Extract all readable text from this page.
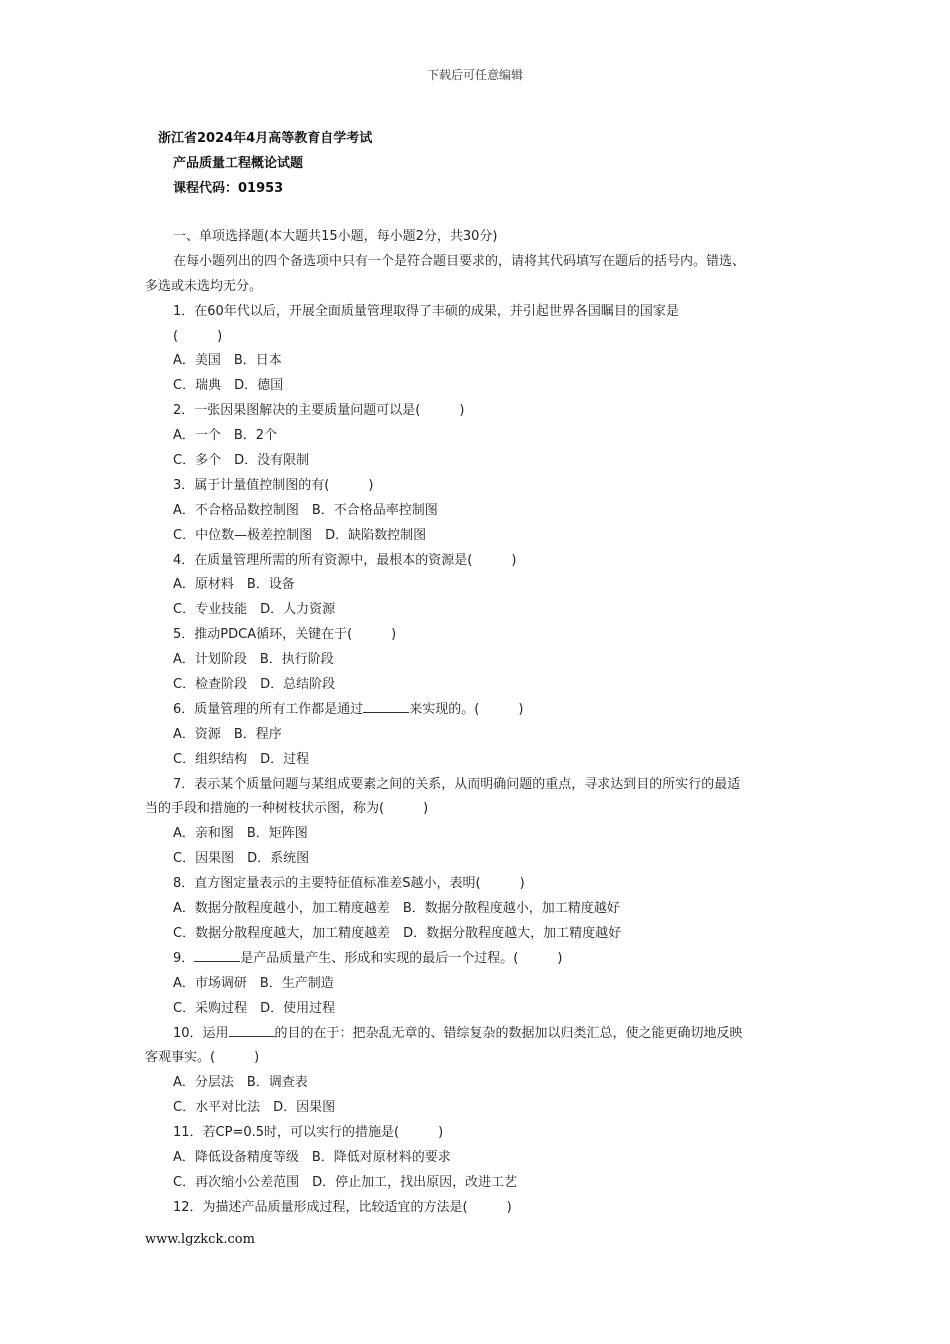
下载后可任意编辑
浙江省2024年4月高等教育自学考试
产品质量工程概论试题
课程代码：01953
一、单项选择题(本大题共15小题，每小题2分，共30分)
在每小题列出的四个备选项中只有一个是符合题目要求的，请将其代码填写在题后的括号内。错选、
多选或未选均无分。
1．在60年代以后，开展全面质量管理取得了丰硕的成果，并引起世界各国瞩目的国家是
(　　　)
A．美国　B．日本
C．瑞典　D．德国
2．一张因果图解决的主要质量问题可以是(　　　)
A．一个　B．2个
C．多个　D．没有限制
3．属于计量值控制图的有(　　　)
A．不合格品数控制图　B．不合格品率控制图
C．中位数—极差控制图　D．缺陷数控制图
4．在质量管理所需的所有资源中，最根本的资源是(　　　)
A．原材料　B．设备
C．专业技能　D．人力资源
5．推动PDCA循环，关键在于(　　　)
A．计划阶段　B．执行阶段
C．检查阶段　D．总结阶段
6．质量管理的所有工作都是通过	来实现的。(　　　)
A．资源　B．程序
C．组织结构　D．过程
7．表示某个质量问题与某组成要素之间的关系，从而明确问题的重点，寻求达到目的所实行的最适
当的手段和措施的一种树枝状示图，称为(　　　)
A．亲和图　B．矩阵图
C．因果图　D．系统图
8．直方图定量表示的主要特征值标准差S越小，表明(　　　)
A．数据分散程度越小，加工精度越差　B．数据分散程度越小，加工精度越好
C．数据分散程度越大，加工精度越差　D．数据分散程度越大，加工精度越好
9．	是产品质量产生、形成和实现的最后一个过程。(　　　)
A．市场调研　B．生产制造
C．采购过程　D．使用过程
10．运用	的目的在于：把杂乱无章的、错综复杂的数据加以归类汇总，使之能更确切地反映
客观事实。(　　　)
A．分层法　B．调查表
C．水平对比法　D．因果图
11．若CP=0.5时，可以实行的措施是(　　　)
A．降低设备精度等级　B．降低对原材料的要求
C．再次缩小公差范围　D．停止加工，找出原因，改进工艺
12．为描述产品质量形成过程，比较适宜的方法是(　　　)
www.lgzkck.com
